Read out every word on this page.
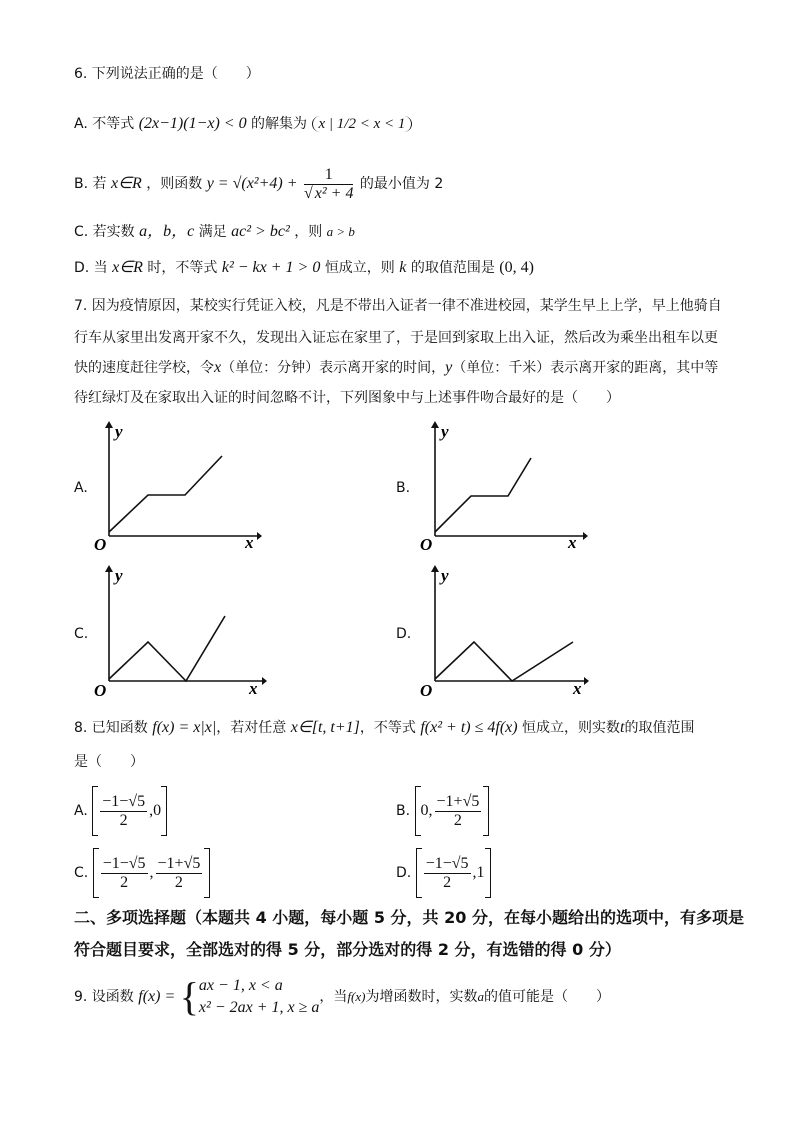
6. 下列说法正确的是（　　）
A. 不等式 (2x−1)(1−x) < 0 的解集为 x | 1/2 < x < 1
B. 若 x∈R ，则函数 $y = √(x^2+4) + \frac{1}{\text{√ x² + 4}}$ 的最小值为 2
C. 若实数 a，b，c 满足 ac² > bc² ，则 a > b
D. 当 x∈R 时，不等式 k² − kx + 1 > 0 恒成立，则 k 的取值范围是 (0, 4)
7. 因为疫情原因，某校实行凭证入校，凡是不带出入证者一律不准进校园，某学生早上上学，早上他骑自
行车从家里出发离开家不久，发现出入证忘在家里了，于是回到家取上出入证，然后改为乘坐出租车以更
快的速度赶往学校，令x（单位：分钟）表示离开家的时间，y（单位：千米）表示离开家的距离，其中等
待红绿灯及在家取出入证的时间忽略不计，下列图象中与上述事件吻合最好的是（　　）
A.
y
x
O
B.
y
x
O
C.
y
x
O
D.
y
x
O
8. 已知函数 f(x) = x|x|，若对任意 x∈[t, t+1]，不等式 f(x² + t) ≤ 4f(x) 恒成立，则实数t的取值范围
是（　　）
A. $\frac{-1-√5}{2} ,0$	B. 0, $\frac{-1+√5}{2}$
C. $\frac{-1-√5}{2}$ , $\frac{-1+√5}{2}$	D. $\frac{-1-√5}{2} ,1$
二、多项选择题（本题共 4 小题，每小题 5 分，共 20 分，在每小题给出的选项中，有多项是
符合题目要求，全部选对的得 5 分，部分选对的得 2 分，有选错的得 0 分）
9. 设函数 f(x) = { ax − 1, x < a
x² − 2ax + 1, x ≥ a
，当f(x)为增函数时，实数a的值可能是（　　）
